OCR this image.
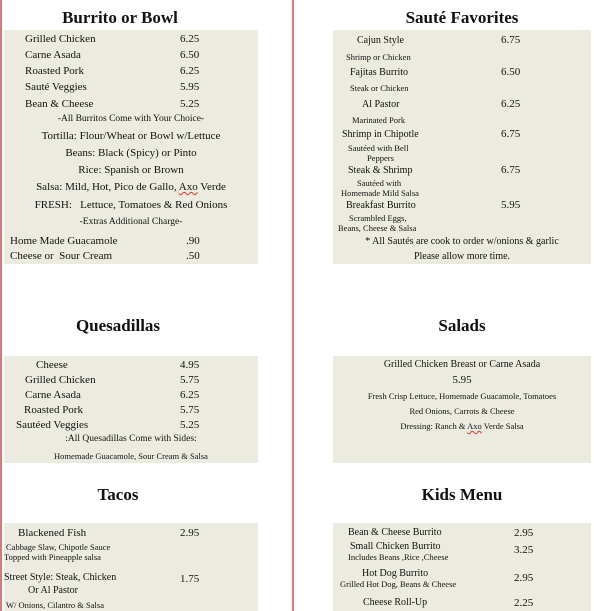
Burrito or Bowl
Grilled Chicken	6.25
Carne Asada	6.50
Roasted Pork	6.25
Sauté Veggies	5.95
Bean & Cheese	5.25
-All Burritos Come with Your Choice-
Tortilla: Flour/Wheat or Bowl w/Lettuce
Beans: Black (Spicy) or Pinto
Rice: Spanish or Brown
Salsa: Mild, Hot, Pico de Gallo, Axo Verde
FRESH:   Lettuce, Tomatoes & Red Onions
-Extras Additional Charge-
Home Made Guacamole	.90
Cheese or  Sour Cream	.50
Sauté Favorites
Cajun Style	6.75
Shrimp or Chicken
Fajitas Burrito	6.50
Steak or Chicken
Al Pastor	6.25
Marinated Pork
Shrimp in Chipotle	6.75
Sautéed with Bell
Peppers
Steak & Shrimp	6.75
Sautéed with
Homemade Mild Salsa
Breakfast Burrito	5.95
Scrambled Eggs,
Beans, Cheese & Salsa
* All Sautés are cook to order w/onions & garlic
Please allow more time.
Quesadillas
Cheese	4.95
Grilled Chicken	5.75
Carne Asada	6.25
Roasted Pork	5.75
Sautéed Veggies	5.25
:All Quesadillas Come with Sides:
Homemade Guacamole, Sour Cream & Salsa
Salads
Grilled Chicken Breast or Carne Asada
5.95
Fresh Crisp Lettuce, Homemade Guacamole, Tomatoes
Red Onions, Carrots & Cheese
Dressing: Ranch & Axo Verde Salsa
Tacos
Blackened Fish	2.95
Cabbage Slaw, Chipotle Sauce
Topped with Pineapple salsa
Street Style: Steak, Chicken
Or Al Pastor
1.75
W/ Onions, Cilantro & Salsa
Kids Menu
Bean & Cheese Burrito	2.95
Small Chicken Burrito	3.25
Includes Beans ,Rice ,Cheese
Hot Dog Burrito	2.95
Grilled Hot Dog, Beans & Cheese
Cheese Roll-Up	2.25
